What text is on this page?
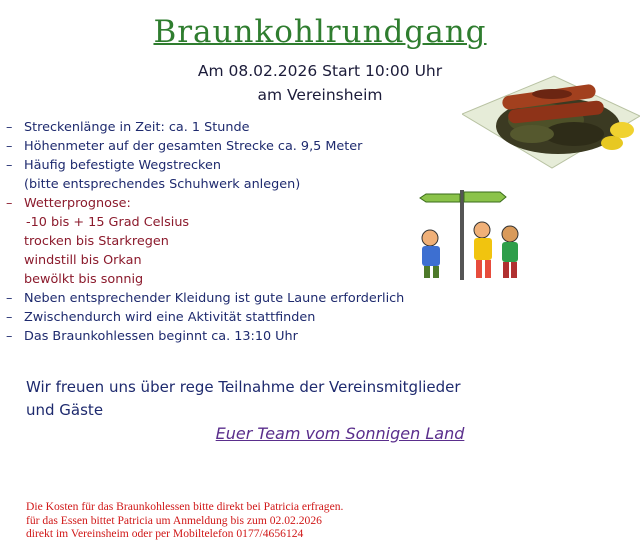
Braunkohlrundgang
Am 08.02.2026 Start 10:00 Uhr
am Vereinsheim
– Streckenlänge in Zeit: ca. 1 Stunde
– Höhenmeter auf der gesamten Strecke ca. 9,5 Meter
– Häufig befestigte Wegstrecken
(bitte entsprechendes Schuhwerk anlegen)
– Wetterprognose:
-10 bis + 15 Grad Celsius
trocken bis Starkregen
windstill bis Orkan
bewölkt bis sonnig
– Neben entsprechender Kleidung ist gute Laune erforderlich
– Zwischendurch wird eine Aktivität stattfinden
– Das Braunkohlessen beginnt ca. 13:10 Uhr
Wir freuen uns über rege Teilnahme der Vereinsmitglieder
und Gäste
Euer Team vom Sonnigen Land
Die Kosten für das Braunkohlessen bitte direkt bei Patricia erfragen.
für das Essen bittet Patricia um Anmeldung bis zum 02.02.2026
direkt im Vereinsheim oder per Mobiltelefon 0177/4656124
